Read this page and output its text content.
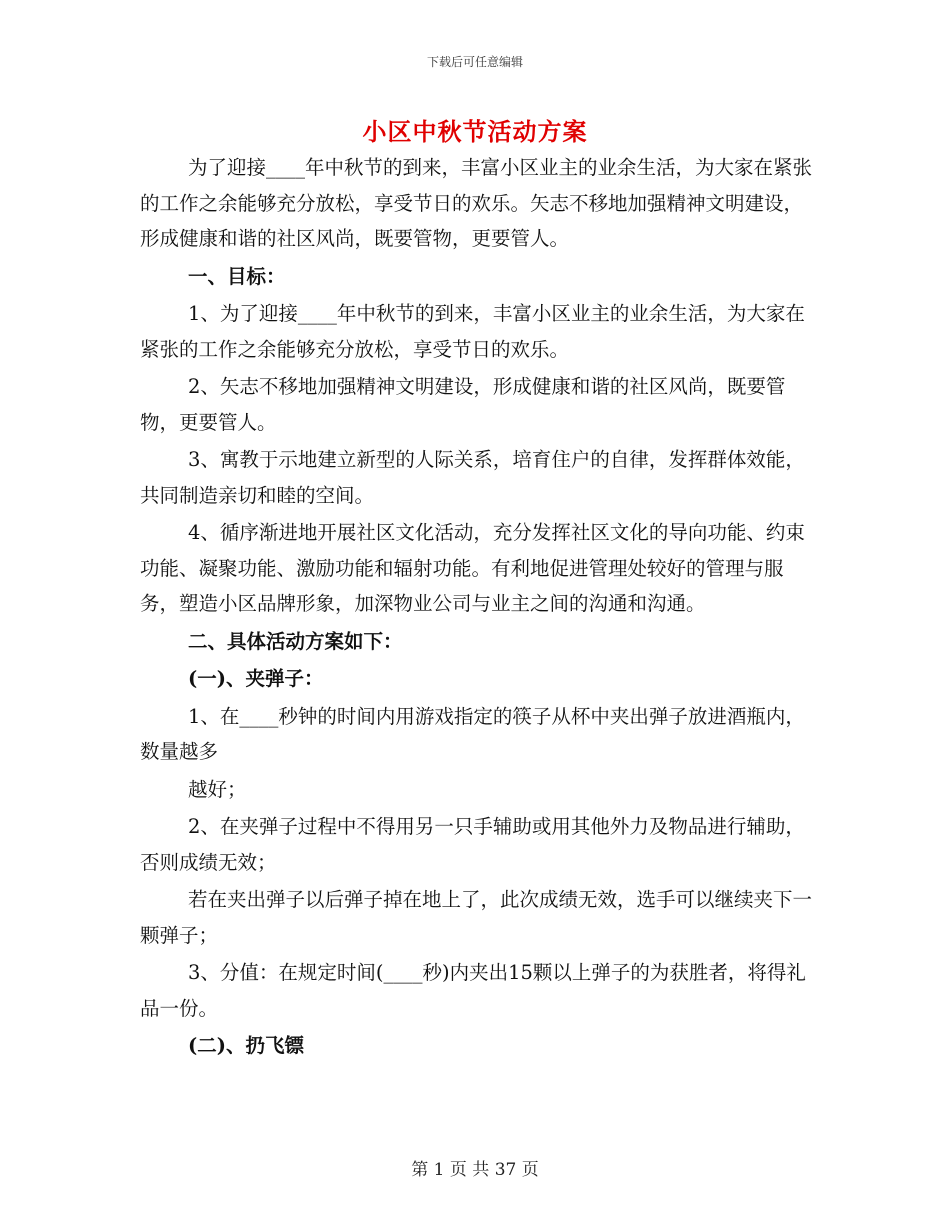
下载后可任意编辑
小区中秋节活动方案
为了迎接____年中秋节的到来，丰富小区业主的业余生活，为大家在紧张的工作之余能够充分放松，享受节日的欢乐。矢志不移地加强精神文明建设，形成健康和谐的社区风尚，既要管物，更要管人。
一、目标：
1、为了迎接____年中秋节的到来，丰富小区业主的业余生活，为大家在紧张的工作之余能够充分放松，享受节日的欢乐。
2、矢志不移地加强精神文明建设，形成健康和谐的社区风尚，既要管物，更要管人。
3、寓教于示地建立新型的人际关系，培育住户的自律，发挥群体效能，共同制造亲切和睦的空间。
4、循序渐进地开展社区文化活动，充分发挥社区文化的导向功能、约束功能、凝聚功能、激励功能和辐射功能。有利地促进管理处较好的管理与服务，塑造小区品牌形象，加深物业公司与业主之间的沟通和沟通。
二、具体活动方案如下：
(一)、夹弹子：
1、在____秒钟的时间内用游戏指定的筷子从杯中夹出弹子放进酒瓶内，数量越多
越好；
2、在夹弹子过程中不得用另一只手辅助或用其他外力及物品进行辅助，否则成绩无效；
若在夹出弹子以后弹子掉在地上了，此次成绩无效，选手可以继续夹下一颗弹子；
3、分值：在规定时间(____秒)内夹出15颗以上弹子的为获胜者，将得礼品一份。
(二)、扔飞镖
第 1 页 共 37 页
